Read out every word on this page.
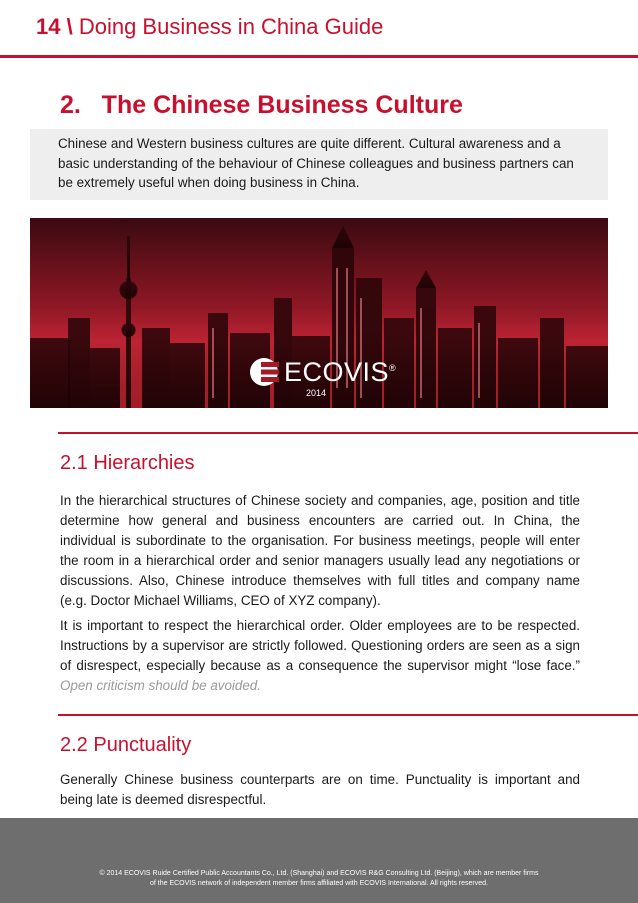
14 \ Doing Business in China Guide
2.   The Chinese Business Culture

Chinese and Western business cultures are quite different. Cultural awareness and a basic understanding of the behaviour of Chinese colleagues and business partners can be extremely useful when doing business in China.

ECOVIS®
2014
2.1 Hierarchies

In the hierarchical structures of Chinese society and companies, age, position and title determine how general and business encounters are carried out. In China, the individual is subordinate to the organisation. For business meetings, people will enter the room in a hierarchical order and senior managers usually lead any negotiations or discussions. Also, Chinese introduce themselves with full titles and company name (e.g. Doctor Michael Williams, CEO of XYZ company).

It is important to respect the hierarchical order. Older employees are to be respected. Instructions by a supervisor are strictly followed. Questioning orders are seen as a sign of disrespect, especially because as a consequence the supervisor might “lose face.” Open criticism should be avoided.

2.2 Punctuality

Generally Chinese business counterparts are on time. Punctuality is important and being late is deemed disrespectful.

© 2014 ECOVIS Ruide Certified Public Accountants Co., Ltd. (Shanghai) and ECOVIS R&G Consulting Ltd. (Beijing), which are member firms
of the ECOVIS network of independent member firms affiliated with ECOVIS International. All rights reserved.
